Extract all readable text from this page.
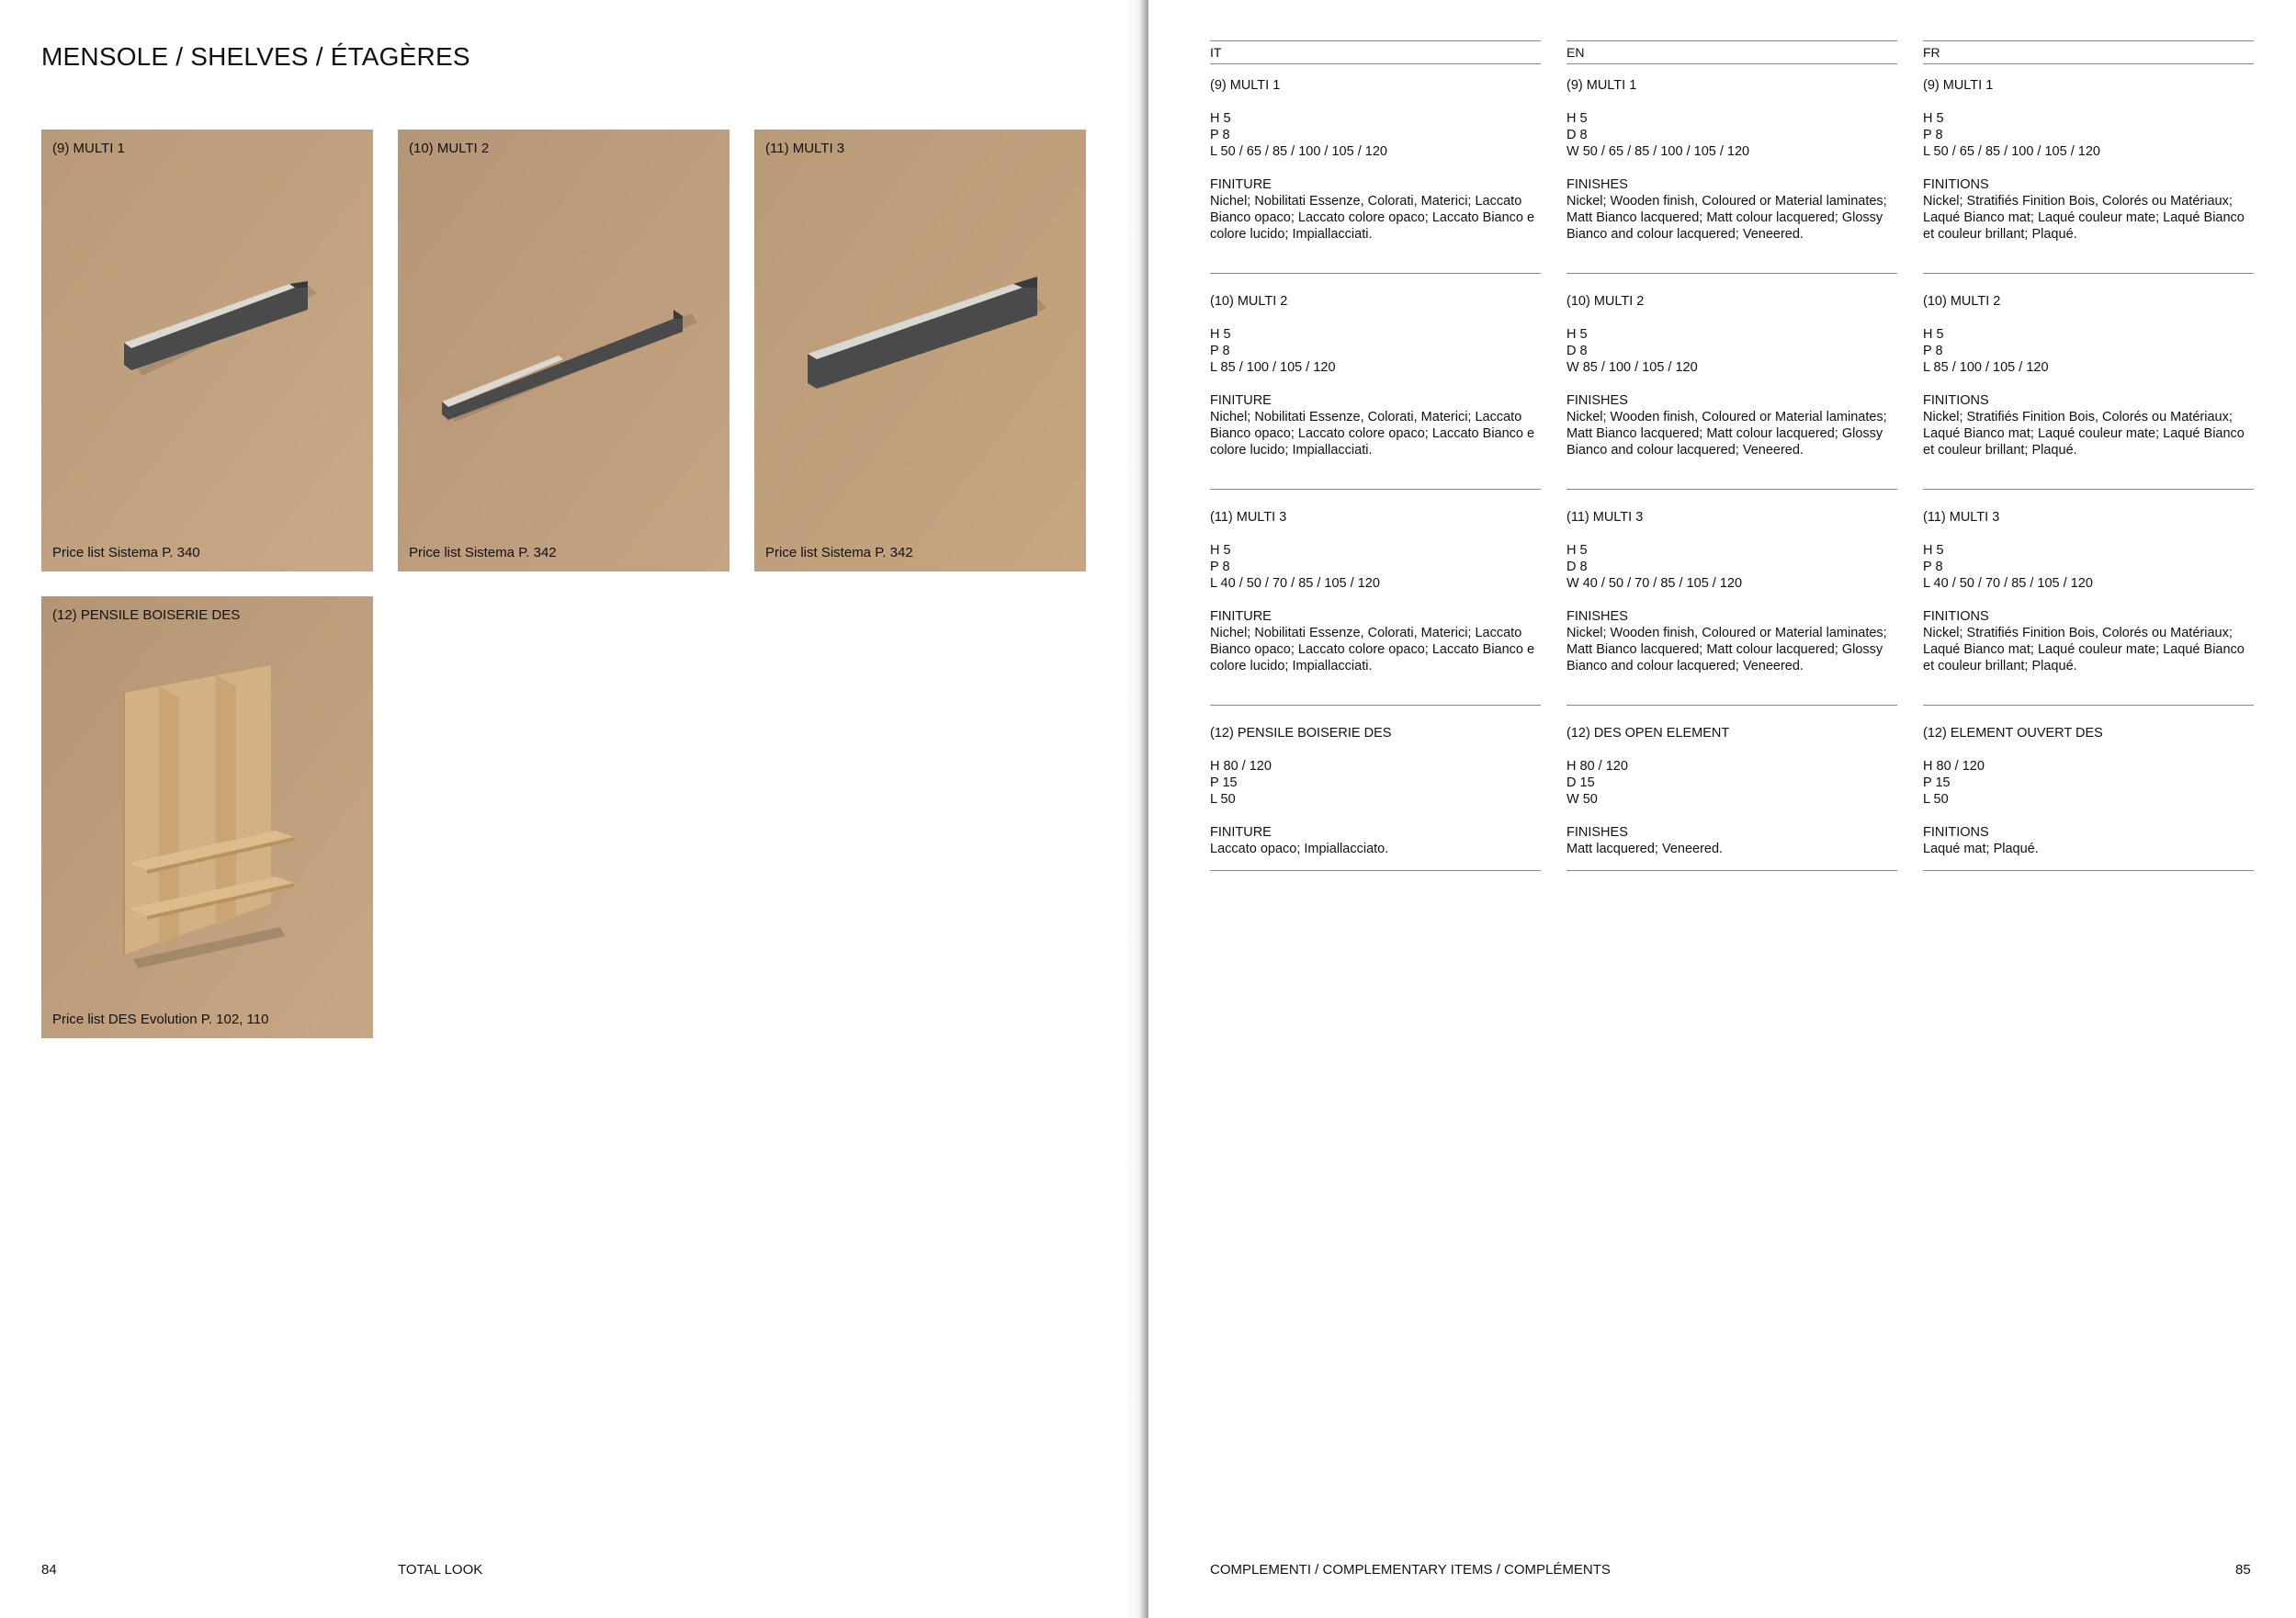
MENSOLE / SHELVES / ÉTAGÈRES
(9) MULTI 1
Price list Sistema P. 340
(10) MULTI 2
Price list Sistema P. 342
(11) MULTI 3
Price list Sistema P. 342
(12) PENSILE BOISERIE DES
Price list DES Evolution P. 102, 110
84	TOTAL LOOK
IT
(9) MULTI 1
H 5
P 8
L 50 / 65 / 85 / 100 / 105 / 120
FINITURE
Nichel; Nobilitati Essenze, Colorati, Materici; Laccato Bianco opaco; Laccato colore opaco; Laccato Bianco e colore lucido; Impiallacciati.
(10) MULTI 2
H 5
P 8
L 85 / 100 / 105 / 120
FINITURE
Nichel; Nobilitati Essenze, Colorati, Materici; Laccato Bianco opaco; Laccato colore opaco; Laccato Bianco e colore lucido; Impiallacciati.
(11) MULTI 3
H 5
P 8
L 40 / 50 / 70 / 85 / 105 / 120
FINITURE
Nichel; Nobilitati Essenze, Colorati, Materici; Laccato Bianco opaco; Laccato colore opaco; Laccato Bianco e colore lucido; Impiallacciati.
(12) PENSILE BOISERIE DES
H 80 / 120
P 15
L 50
FINITURE
Laccato opaco; Impiallacciato.
EN
(9) MULTI 1
H 5
D 8
W 50 / 65 / 85 / 100 / 105 / 120
FINISHES
Nickel; Wooden finish, Coloured or Material laminates; Matt Bianco lacquered; Matt colour lacquered; Glossy Bianco and colour lacquered; Veneered.
(10) MULTI 2
H 5
D 8
W 85 / 100 / 105 / 120
FINISHES
Nickel; Wooden finish, Coloured or Material laminates; Matt Bianco lacquered; Matt colour lacquered; Glossy Bianco and colour lacquered; Veneered.
(11) MULTI 3
H 5
D 8
W 40 / 50 / 70 / 85 / 105 / 120
FINISHES
Nickel; Wooden finish, Coloured or Material laminates; Matt Bianco lacquered; Matt colour lacquered; Glossy Bianco and colour lacquered; Veneered.
(12) DES OPEN ELEMENT
H 80 / 120
D 15
W 50
FINISHES
Matt lacquered; Veneered.
FR
(9) MULTI 1
H 5
P 8
L 50 / 65 / 85 / 100 / 105 / 120
FINITIONS
Nickel; Stratifiés Finition Bois, Colorés ou Matériaux; Laqué Bianco mat; Laqué couleur mate; Laqué Bianco et couleur brillant; Plaqué.
(10) MULTI 2
H 5
P 8
L 85 / 100 / 105 / 120
FINITIONS
Nickel; Stratifiés Finition Bois, Colorés ou Matériaux; Laqué Bianco mat; Laqué couleur mate; Laqué Bianco et couleur brillant; Plaqué.
(11) MULTI 3
H 5
P 8
L 40 / 50 / 70 / 85 / 105 / 120
FINITIONS
Nickel; Stratifiés Finition Bois, Colorés ou Matériaux; Laqué Bianco mat; Laqué couleur mate; Laqué Bianco et couleur brillant; Plaqué.
(12) ELEMENT OUVERT DES
H 80 / 120
P 15
L 50
FINITIONS
Laqué mat; Plaqué.
COMPLEMENTI / COMPLEMENTARY ITEMS / COMPLÉMENTS	85
